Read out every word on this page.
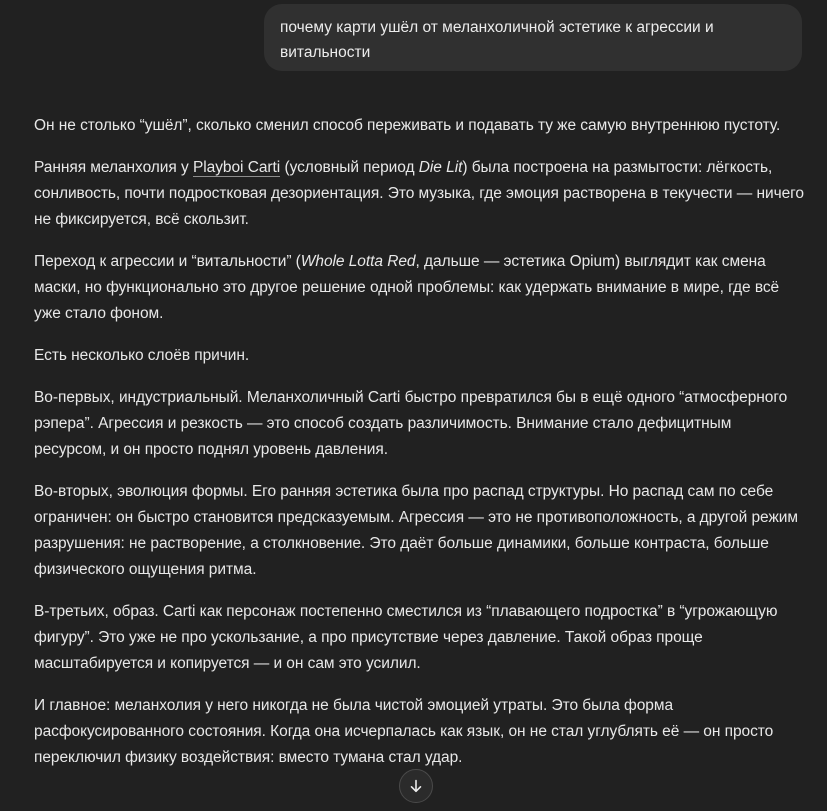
почему карти ушёл от меланхоличной эстетике к агрессии и витальности

Он не столько “ушёл”, сколько сменил способ переживать и подавать ту же самую внутреннюю пустоту.

Ранняя меланхолия у Playboi Carti (условный период Die Lit) была построена на размытости: лёгкость, сонливость, почти подростковая дезориентация. Это музыка, где эмоция растворена в текучести — ничего не фиксируется, всё скользит.

Переход к агрессии и “витальности” (Whole Lotta Red, дальше — эстетика Opium) выглядит как смена маски, но функционально это другое решение одной проблемы: как удержать внимание в мире, где всё уже стало фоном.

Есть несколько слоёв причин.

Во-первых, индустриальный. Меланхоличный Carti быстро превратился бы в ещё одного “атмосферного рэпера”. Агрессия и резкость — это способ создать различимость. Внимание стало дефицитным ресурсом, и он просто поднял уровень давления.

Во-вторых, эволюция формы. Его ранняя эстетика была про распад структуры. Но распад сам по себе ограничен: он быстро становится предсказуемым. Агрессия — это не противоположность, а другой режим разрушения: не растворение, а столкновение. Это даёт больше динамики, больше контраста, больше физического ощущения ритма.

В-третьих, образ. Carti как персонаж постепенно сместился из “плавающего подростка” в “угрожающую фигуру”. Это уже не про ускользание, а про присутствие через давление. Такой образ проще масштабируется и копируется — и он сам это усилил.

И главное: меланхолия у него никогда не была чистой эмоцией утраты. Это была форма расфокусированного состояния. Когда она исчерпалась как язык, он не стал углублять её — он просто переключил физику воздействия: вместо тумана стал удар.
